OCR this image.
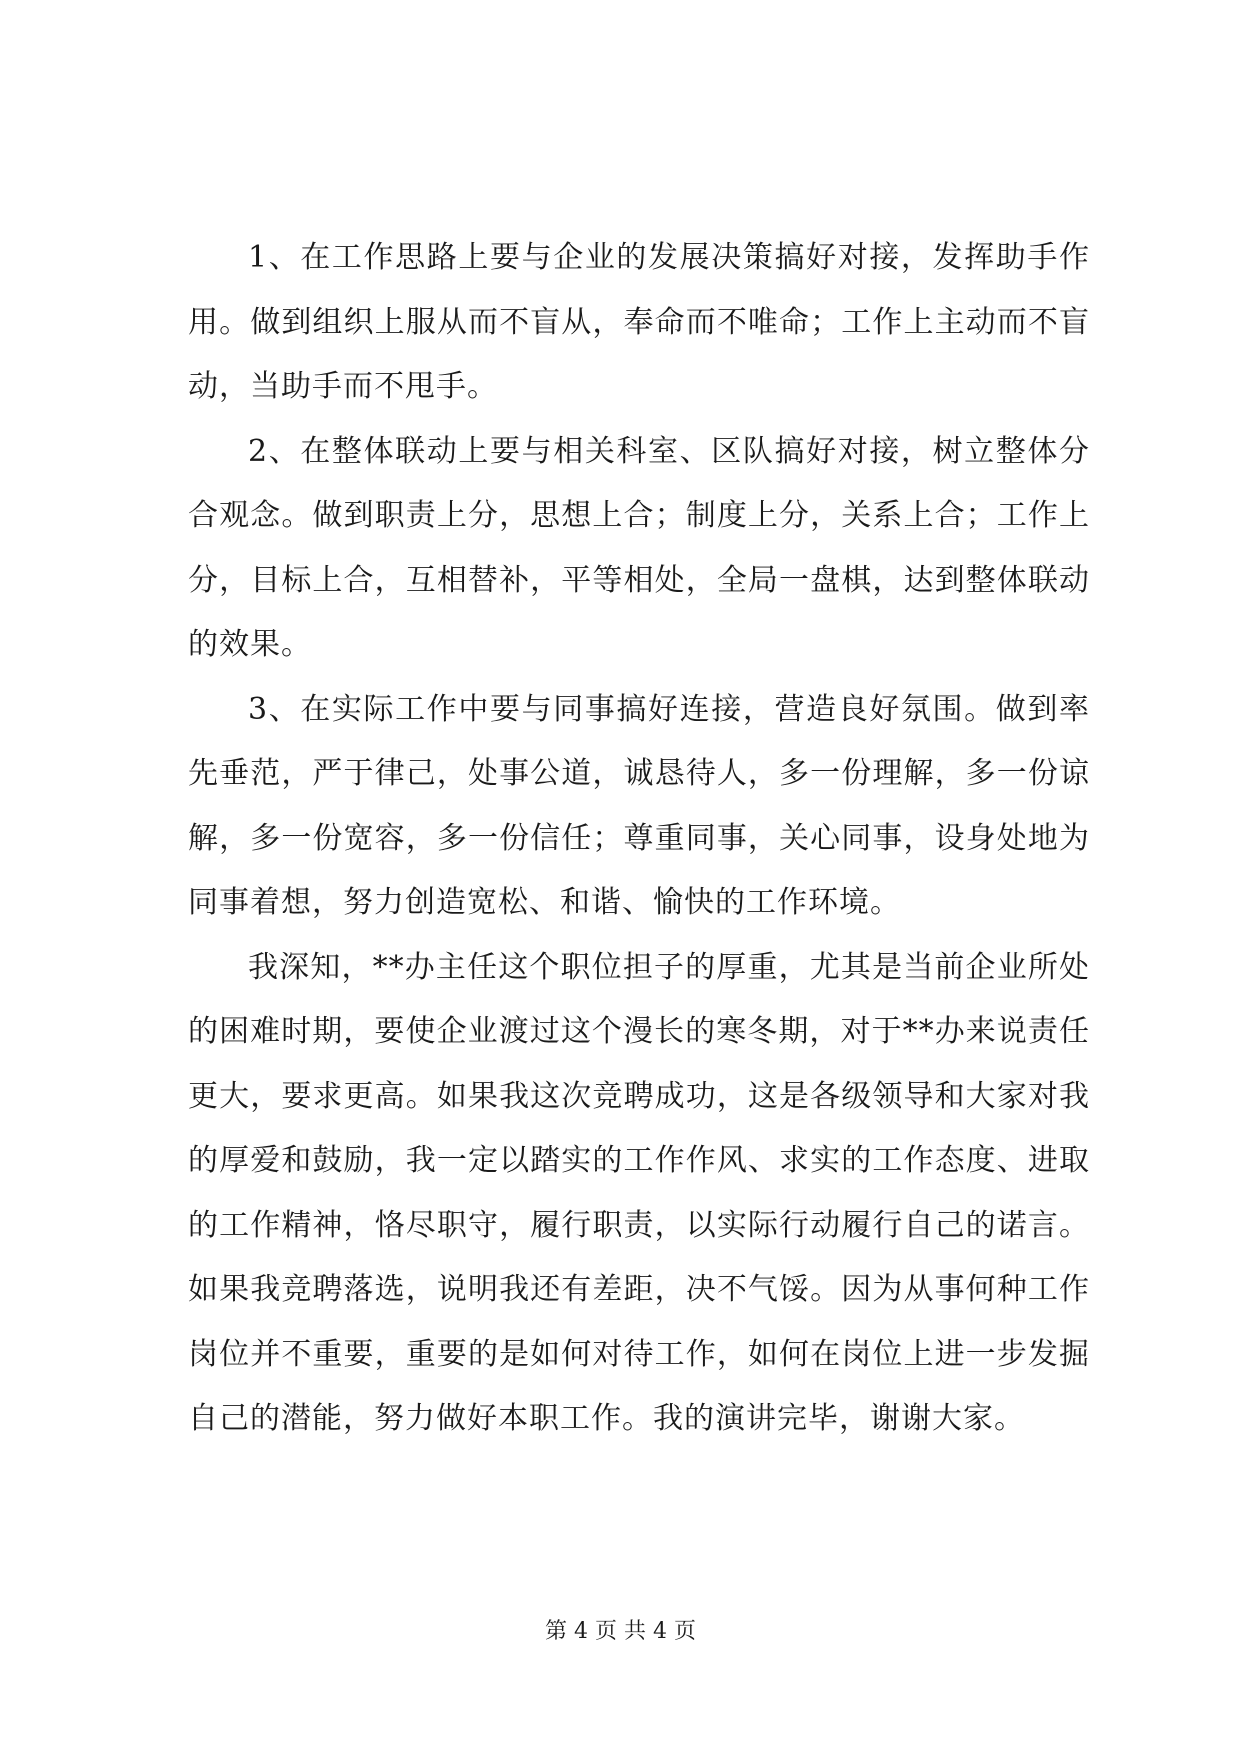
1、在工作思路上要与企业的发展决策搞好对接，发挥助手作用。做到组织上服从而不盲从，奉命而不唯命；工作上主动而不盲动，当助手而不甩手。

2、在整体联动上要与相关科室、区队搞好对接，树立整体分合观念。做到职责上分，思想上合；制度上分，关系上合；工作上分，目标上合，互相替补，平等相处，全局一盘棋，达到整体联动的效果。

3、在实际工作中要与同事搞好连接，营造良好氛围。做到率先垂范，严于律己，处事公道，诚恳待人，多一份理解，多一份谅解，多一份宽容，多一份信任；尊重同事，关心同事，设身处地为同事着想，努力创造宽松、和谐、愉快的工作环境。

我深知，**办主任这个职位担子的厚重，尤其是当前企业所处的困难时期，要使企业渡过这个漫长的寒冬期，对于**办来说责任更大，要求更高。如果我这次竞聘成功，这是各级领导和大家对我的厚爱和鼓励，我一定以踏实的工作作风、求实的工作态度、进取的工作精神，恪尽职守，履行职责，以实际行动履行自己的诺言。如果我竞聘落选，说明我还有差距，决不气馁。因为从事何种工作岗位并不重要，重要的是如何对待工作，如何在岗位上进一步发掘自己的潜能，努力做好本职工作。我的演讲完毕，谢谢大家。

第 4 页 共 4 页
